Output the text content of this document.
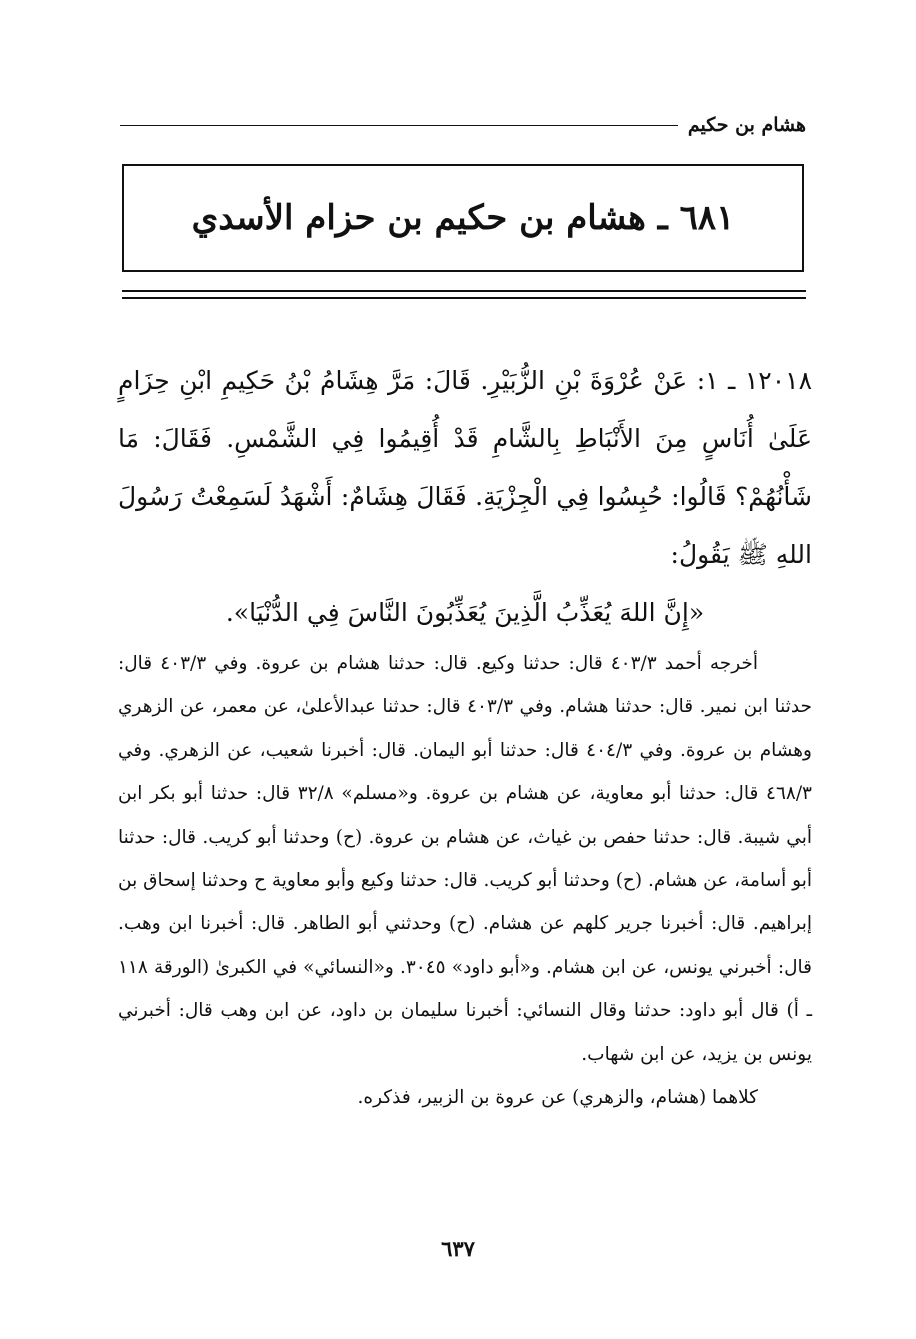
هشام بن حكيم
٦٨١ ـ هشام بن حكيم بن حزام الأسدي
١٢٠١٨ ـ ١: عَنْ عُرْوَةَ بْنِ الزُّبَيْرِ. قَالَ: مَرَّ هِشَامُ بْنُ حَكِيمِ ابْنِ حِزَامٍ عَلَىٰ أُنَاسٍ مِنَ الأَنْبَاطِ بِالشَّامِ قَدْ أُقِيمُوا فِي الشَّمْسِ. فَقَالَ: مَا شَأْنُهُمْ؟ قَالُوا: حُبِسُوا فِي الْجِزْيَةِ. فَقَالَ هِشَامٌ: أَشْهَدُ لَسَمِعْتُ رَسُولَ اللهِ ﷺ يَقُولُ:
«إِنَّ اللهَ يُعَذِّبُ الَّذِينَ يُعَذِّبُونَ النَّاسَ فِي الدُّنْيَا».

أخرجه أحمد ٤٠٣/٣ قال: حدثنا وكيع. قال: حدثنا هشام بن عروة. وفي ٤٠٣/٣ قال: حدثنا ابن نمير. قال: حدثنا هشام. وفي ٤٠٣/٣ قال: حدثنا عبدالأعلىٰ، عن معمر، عن الزهري وهشام بن عروة. وفي ٤٠٤/٣ قال: حدثنا أبو اليمان. قال: أخبرنا شعيب، عن الزهري. وفي ٤٦٨/٣ قال: حدثنا أبو معاوية، عن هشام بن عروة. و«مسلم» ٣٢/٨ قال: حدثنا أبو بكر ابن أبي شيبة. قال: حدثنا حفص بن غياث، عن هشام بن عروة. (ح) وحدثنا أبو كريب. قال: حدثنا أبو أسامة، عن هشام. (ح) وحدثنا أبو كريب. قال: حدثنا وكيع وأبو معاوية ح وحدثنا إسحاق بن إبراهيم. قال: أخبرنا جرير كلهم عن هشام. (ح) وحدثني أبو الطاهر. قال: أخبرنا ابن وهب. قال: أخبرني يونس، عن ابن هشام. و«أبو داود» ٣٠٤٥. و«النسائي» في الكبرىٰ (الورقة ١١٨ ـ أ) قال أبو داود: حدثنا وقال النسائي: أخبرنا سليمان بن داود، عن ابن وهب قال: أخبرني يونس بن يزيد، عن ابن شهاب.

كلاهما (هشام، والزهري) عن عروة بن الزبير، فذكره.

٦٣٧
